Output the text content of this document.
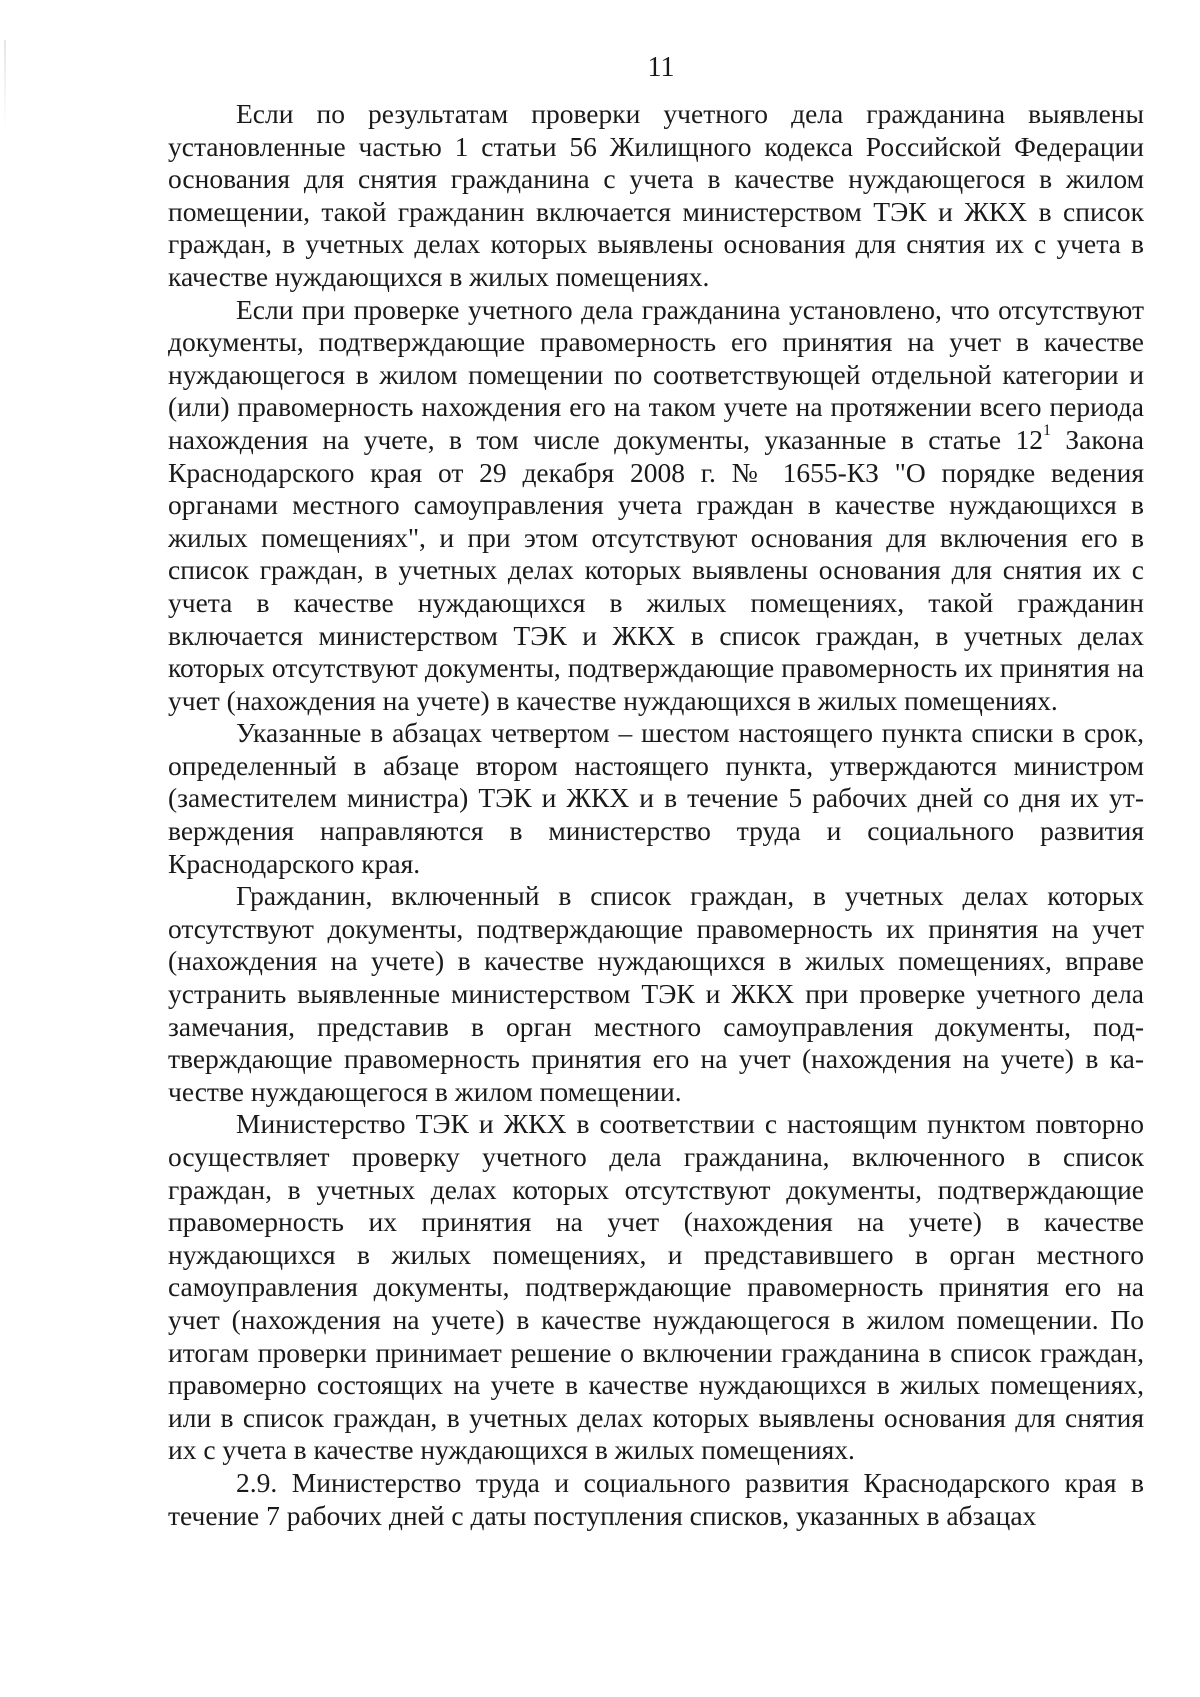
11

Если по результатам проверки учетного дела гражданина выявлены установленные частью 1 статьи 56 Жилищного кодекса Российской Федерации основания для снятия гражданина с учета в качестве нуждающегося в жилом помещении, такой гражданин включается министерством ТЭК и ЖКХ в список граждан, в учетных делах которых выявлены основания для снятия их с учета в качестве нуждающихся в жилых помещениях.

Если при проверке учетного дела гражданина установлено, что отсутствуют документы, подтверждающие правомерность его принятия на учет в качестве нуждающегося в жилом помещении по соответствующей отдельной категории и (или) правомерность нахождения его на таком учете на протяжении всего периода нахождения на учете, в том числе документы, указанные в статье $12^1$ Закона Краснодарского края от 29 декабря 2008 г. № 1655-КЗ "О порядке ведения органами местного самоуправления учета граждан в качестве нуждающихся в жилых помещениях", и при этом отсутствуют основания для включения его в список граждан, в учетных делах которых выявлены основания для снятия их с учета в качестве нуждающихся в жилых помещениях, такой гражданин включается министерством ТЭК и ЖКХ в список граждан, в учетных делах которых отсутствуют документы, подтверждающие правомерность их принятия на учет (нахождения на учете) в качестве нуждающихся в жилых помещениях.

Указанные в абзацах четвертом – шестом настоящего пункта списки в срок, определенный в абзаце втором настоящего пункта, утверждаются министром (заместителем министра) ТЭК и ЖКХ и в течение 5 рабочих дней со дня их утверждения направляются в министерство труда и социального развития Краснодарского края.

Гражданин, включенный в список граждан, в учетных делах которых отсутствуют документы, подтверждающие правомерность их принятия на учет (нахождения на учете) в качестве нуждающихся в жилых помещениях, вправе устранить выявленные министерством ТЭК и ЖКХ при проверке учетного дела замечания, представив в орган местного самоуправления документы, подтверждающие правомерность принятия его на учет (нахождения на учете) в качестве нуждающегося в жилом помещении.

Министерство ТЭК и ЖКХ в соответствии с настоящим пунктом повторно осуществляет проверку учетного дела гражданина, включенного в список граждан, в учетных делах которых отсутствуют документы, подтверждающие правомерность их принятия на учет (нахождения на учете) в качестве нуждающихся в жилых помещениях, и представившего в орган местного самоуправления документы, подтверждающие правомерность принятия его на учет (нахождения на учете) в качестве нуждающегося в жилом помещении. По итогам проверки принимает решение о включении гражданина в список граждан, правомерно состоящих на учете в качестве нуждающихся в жилых помещениях, или в список граждан, в учетных делах которых выявлены основания для снятия их с учета в качестве нуждающихся в жилых помещениях.

2.9. Министерство труда и социального развития Краснодарского края в течение 7 рабочих дней с даты поступления списков, указанных в абзацах
